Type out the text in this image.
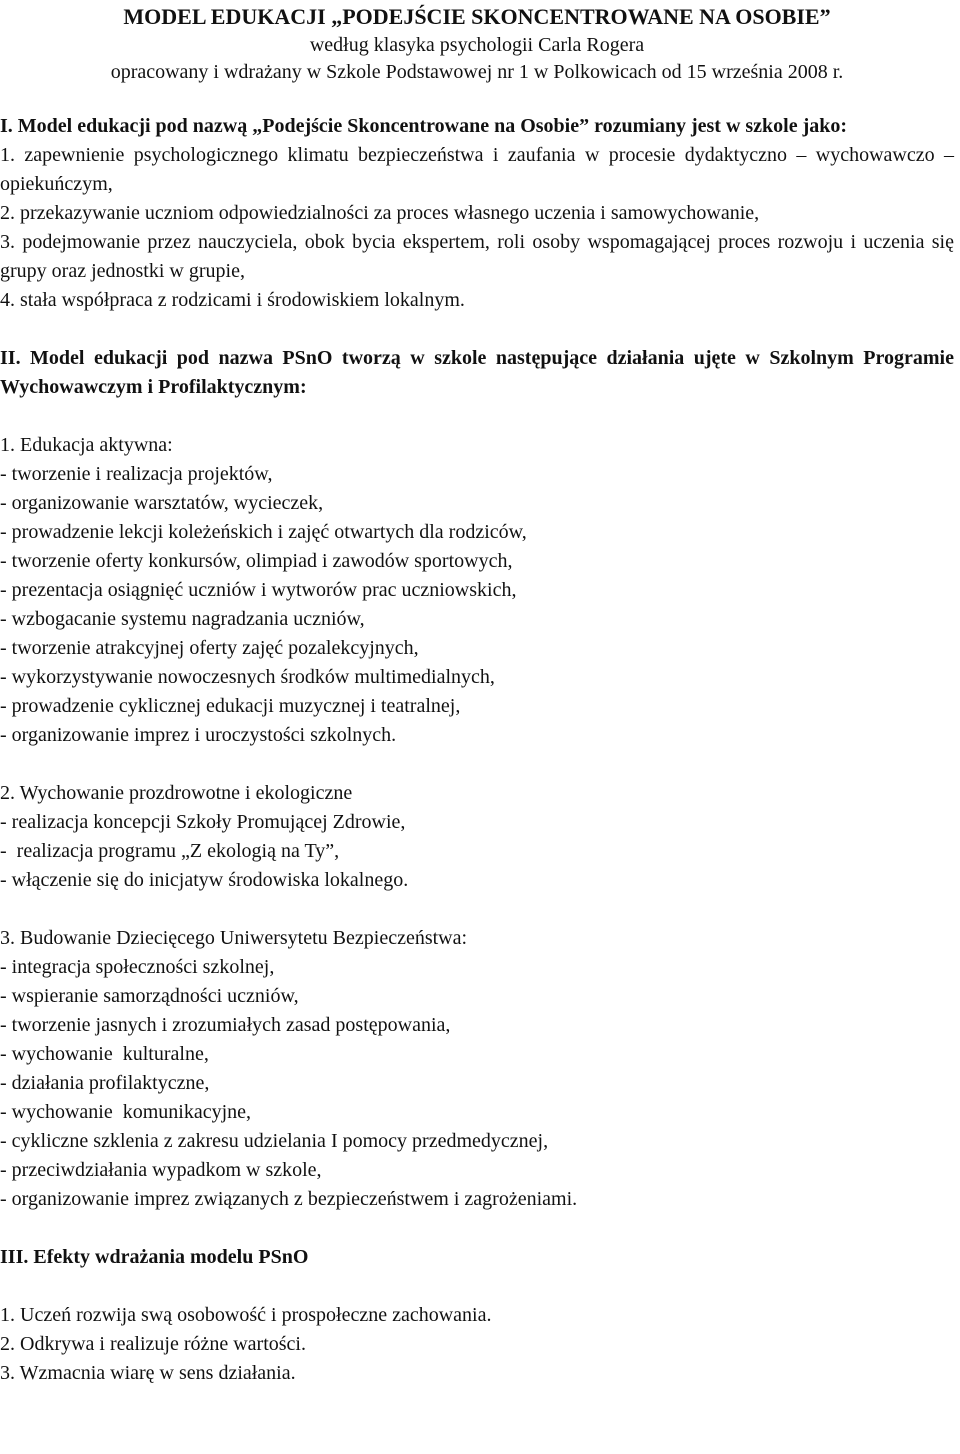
MODEL EDUKACJI „PODEJŚCIE SKONCENTROWANE NA OSOBIE”

według klasyka psychologii Carla Rogera

opracowany i wdrażany w Szkole Podstawowej nr 1 w Polkowicach od 15 września 2008 r.

I. Model edukacji pod nazwą „Podejście Skoncentrowane na Osobie” rozumiany jest w szkole jako:

1. zapewnienie psychologicznego klimatu bezpieczeństwa i zaufania w procesie dydaktyczno – wychowawczo – opiekuńczym,

2. przekazywanie uczniom odpowiedzialności za proces własnego uczenia i samowychowanie,

3. podejmowanie przez nauczyciela, obok bycia ekspertem, roli osoby wspomagającej proces rozwoju i uczenia się grupy oraz jednostki w grupie,

4. stała współpraca z rodzicami i środowiskiem lokalnym.

II. Model edukacji pod nazwa PSnO tworzą w szkole następujące działania ujęte w Szkolnym Programie Wychowawczym i Profilaktycznym:

1. Edukacja aktywna:

- tworzenie i realizacja projektów,

- organizowanie warsztatów, wycieczek,

- prowadzenie lekcji koleżeńskich i zajęć otwartych dla rodziców,

- tworzenie oferty konkursów, olimpiad i zawodów sportowych,

- prezentacja osiągnięć uczniów i wytworów prac uczniowskich,

- wzbogacanie systemu nagradzania uczniów,

- tworzenie atrakcyjnej oferty zajęć pozalekcyjnych,

- wykorzystywanie nowoczesnych środków multimedialnych,

- prowadzenie cyklicznej edukacji muzycznej i teatralnej,

- organizowanie imprez i uroczystości szkolnych.

2. Wychowanie prozdrowotne i ekologiczne

- realizacja koncepcji Szkoły Promującej Zdrowie,

-  realizacja programu „Z ekologią na Ty”,

- włączenie się do inicjatyw środowiska lokalnego.

3. Budowanie Dziecięcego Uniwersytetu Bezpieczeństwa:

- integracja społeczności szkolnej,

- wspieranie samorządności uczniów,

- tworzenie jasnych i zrozumiałych zasad postępowania,

- wychowanie  kulturalne,

- działania profilaktyczne,

- wychowanie  komunikacyjne,

- cykliczne szklenia z zakresu udzielania I pomocy przedmedycznej,

- przeciwdziałania wypadkom w szkole,

- organizowanie imprez związanych z bezpieczeństwem i zagrożeniami.

III. Efekty wdrażania modelu PSnO

1. Uczeń rozwija swą osobowość i prospołeczne zachowania.

2. Odkrywa i realizuje różne wartości.

3. Wzmacnia wiarę w sens działania.
